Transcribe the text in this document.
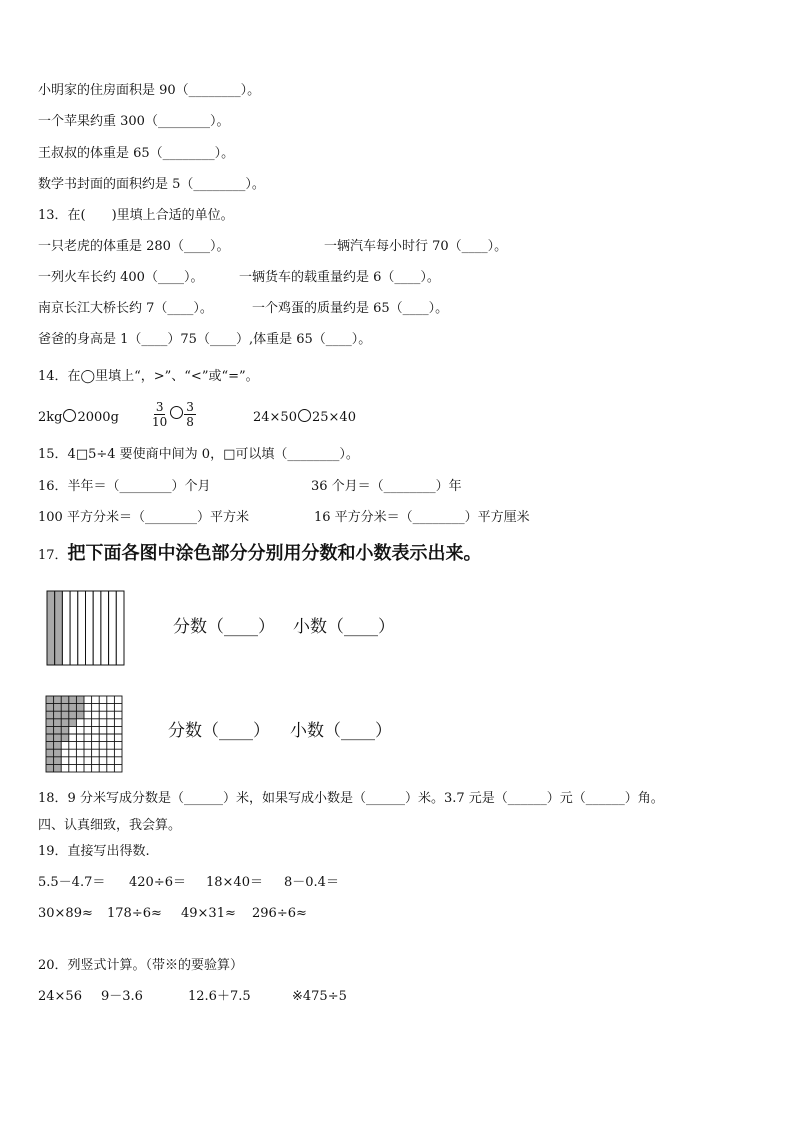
小明家的住房面积是 90（________）。
一个苹果约重 300（________）。
王叔叔的体重是 65（________）。
数学书封面的面积约是 5（________）。
13．在(　　)里填上合适的单位。
一只老虎的体重是 280（____）。	一辆汽车每小时行 70（____）。
一列火车长约 400（____）。	一辆货车的载重量约是 6（____）。
南京长江大桥长约 7（____）。	一个鸡蛋的质量约是 65（____）。
爸爸的身高是 1（____）75（____）,体重是 65（____）。
14．在◯里填上“，>”、“<”或“=”。
2kg 2000g	$\frac{3}{10} \frac{3}{8}$	24×50 25×40
15．4□5÷4 要使商中间为 0，□可以填（________）。
16．半年＝（________）个月	36 个月＝（________）年
100 平方分米＝（________）平方米	16 平方分米＝（________）平方厘米
17．把下面各图中涂色部分分别用分数和小数表示出来。
分数（____） 小数（____）
分数（____） 小数（____）
18．9 分米写成分数是（______）米，如果写成小数是（______）米。3.7 元是（______）元（______）角。
四、认真细致，我会算。
19．直接写出得数.
5.5－4.7＝ 420÷6＝ 18×40＝ 8－0.4＝
30×89≈ 178÷6≈ 49×31≈ 296÷6≈
20．列竖式计算。（带※的要验算）
24×56 9－3.6	12.6＋7.5	※475÷5
